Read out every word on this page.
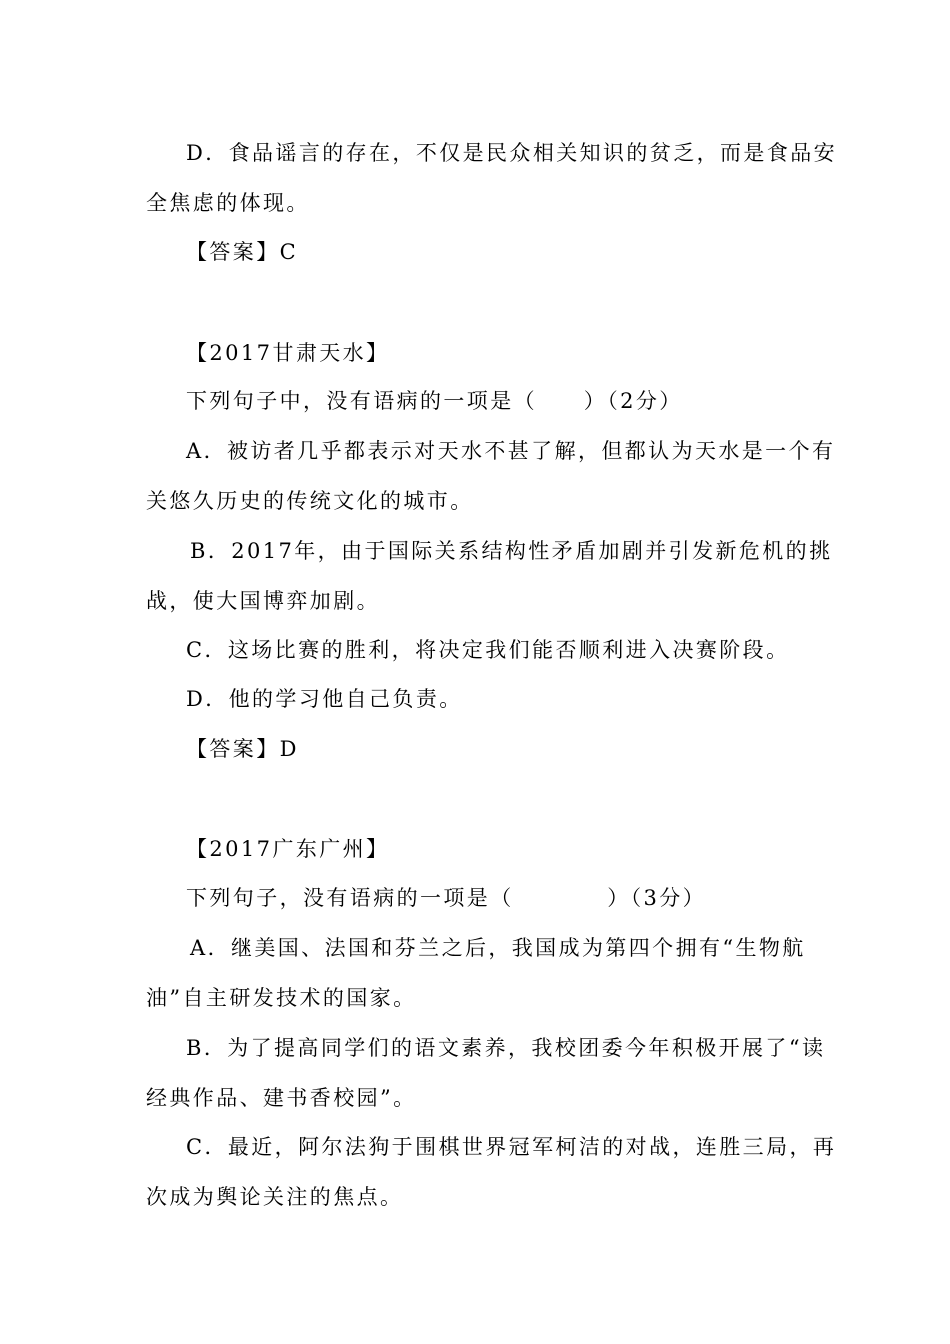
D．食品谣言的存在，不仅是民众相关知识的贫乏，而是食品安
全焦虑的体现。
【答案】C
【2017甘肃天水】
下列句子中，没有语病的一项是（　　）（2分）
A．被访者几乎都表示对天水不甚了解，但都认为天水是一个有
关悠久历史的传统文化的城市。
B．2017年，由于国际关系结构性矛盾加剧并引发新危机的挑
战，使大国博弈加剧。
C．这场比赛的胜利，将决定我们能否顺利进入决赛阶段。
D．他的学习他自己负责。
【答案】D
【2017广东广州】
下列句子，没有语病的一项是（　　　　）（3分）
A．继美国、法国和芬兰之后，我国成为第四个拥有“生物航
油”自主研发技术的国家。
B．为了提高同学们的语文素养，我校团委今年积极开展了“读
经典作品、建书香校园”。
C．最近，阿尔法狗于围棋世界冠军柯洁的对战，连胜三局，再
次成为舆论关注的焦点。
